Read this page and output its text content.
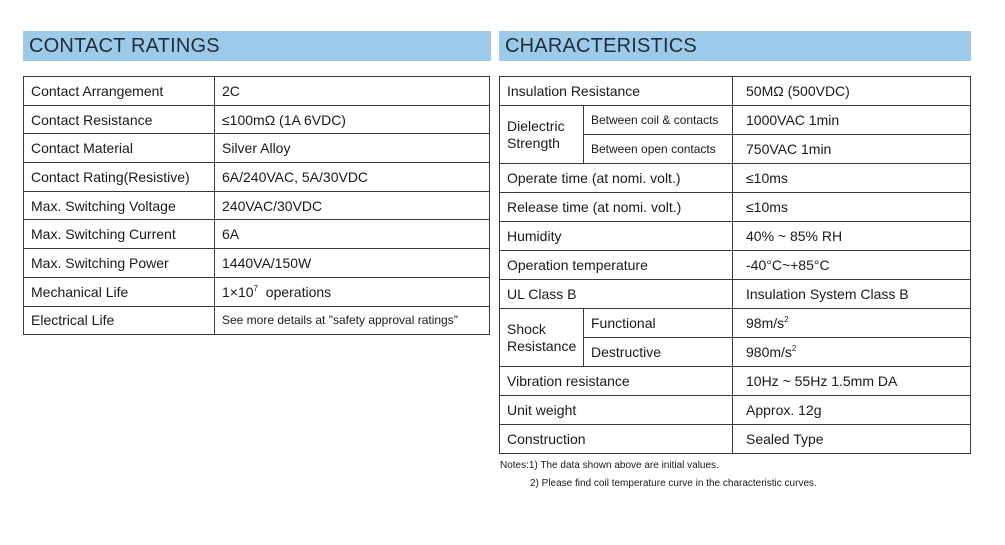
CONTACT RATINGS
Contact Arrangement	2C
Contact Resistance	≤100mΩ (1A 6VDC)
Contact Material	Silver Alloy
Contact Rating(Resistive)	6A/240VAC, 5A/30VDC
Max. Switching Voltage	240VAC/30VDC
Max. Switching Current	6A
Max. Switching Power	1440VA/150W
Mechanical Life	$1\times 10^7$  operations
Electrical Life	See more details at "safety approval ratings"
CHARACTERISTICS
Insulation Resistance		50MΩ (500VDC)
Dielectric
Strength	Between coil & contacts	1000VAC 1min
	Between open contacts	750VAC 1min
Operate time (at nomi. volt.)		≤10ms
Release time (at nomi. volt.)		≤10ms
Humidity		40% ~ 85% RH
Operation temperature		-40°C~+85°C
UL Class B		Insulation System Class B
Shock
Resistance	Functional	$98m/s^2$
	Destructive	$980m/s^2$
Vibration resistance		10Hz ~ 55Hz 1.5mm DA
Unit weight		Approx. 12g
Construction		Sealed Type
Notes:1) The data shown above are initial values.
2) Please find coil temperature curve in the characteristic curves.
